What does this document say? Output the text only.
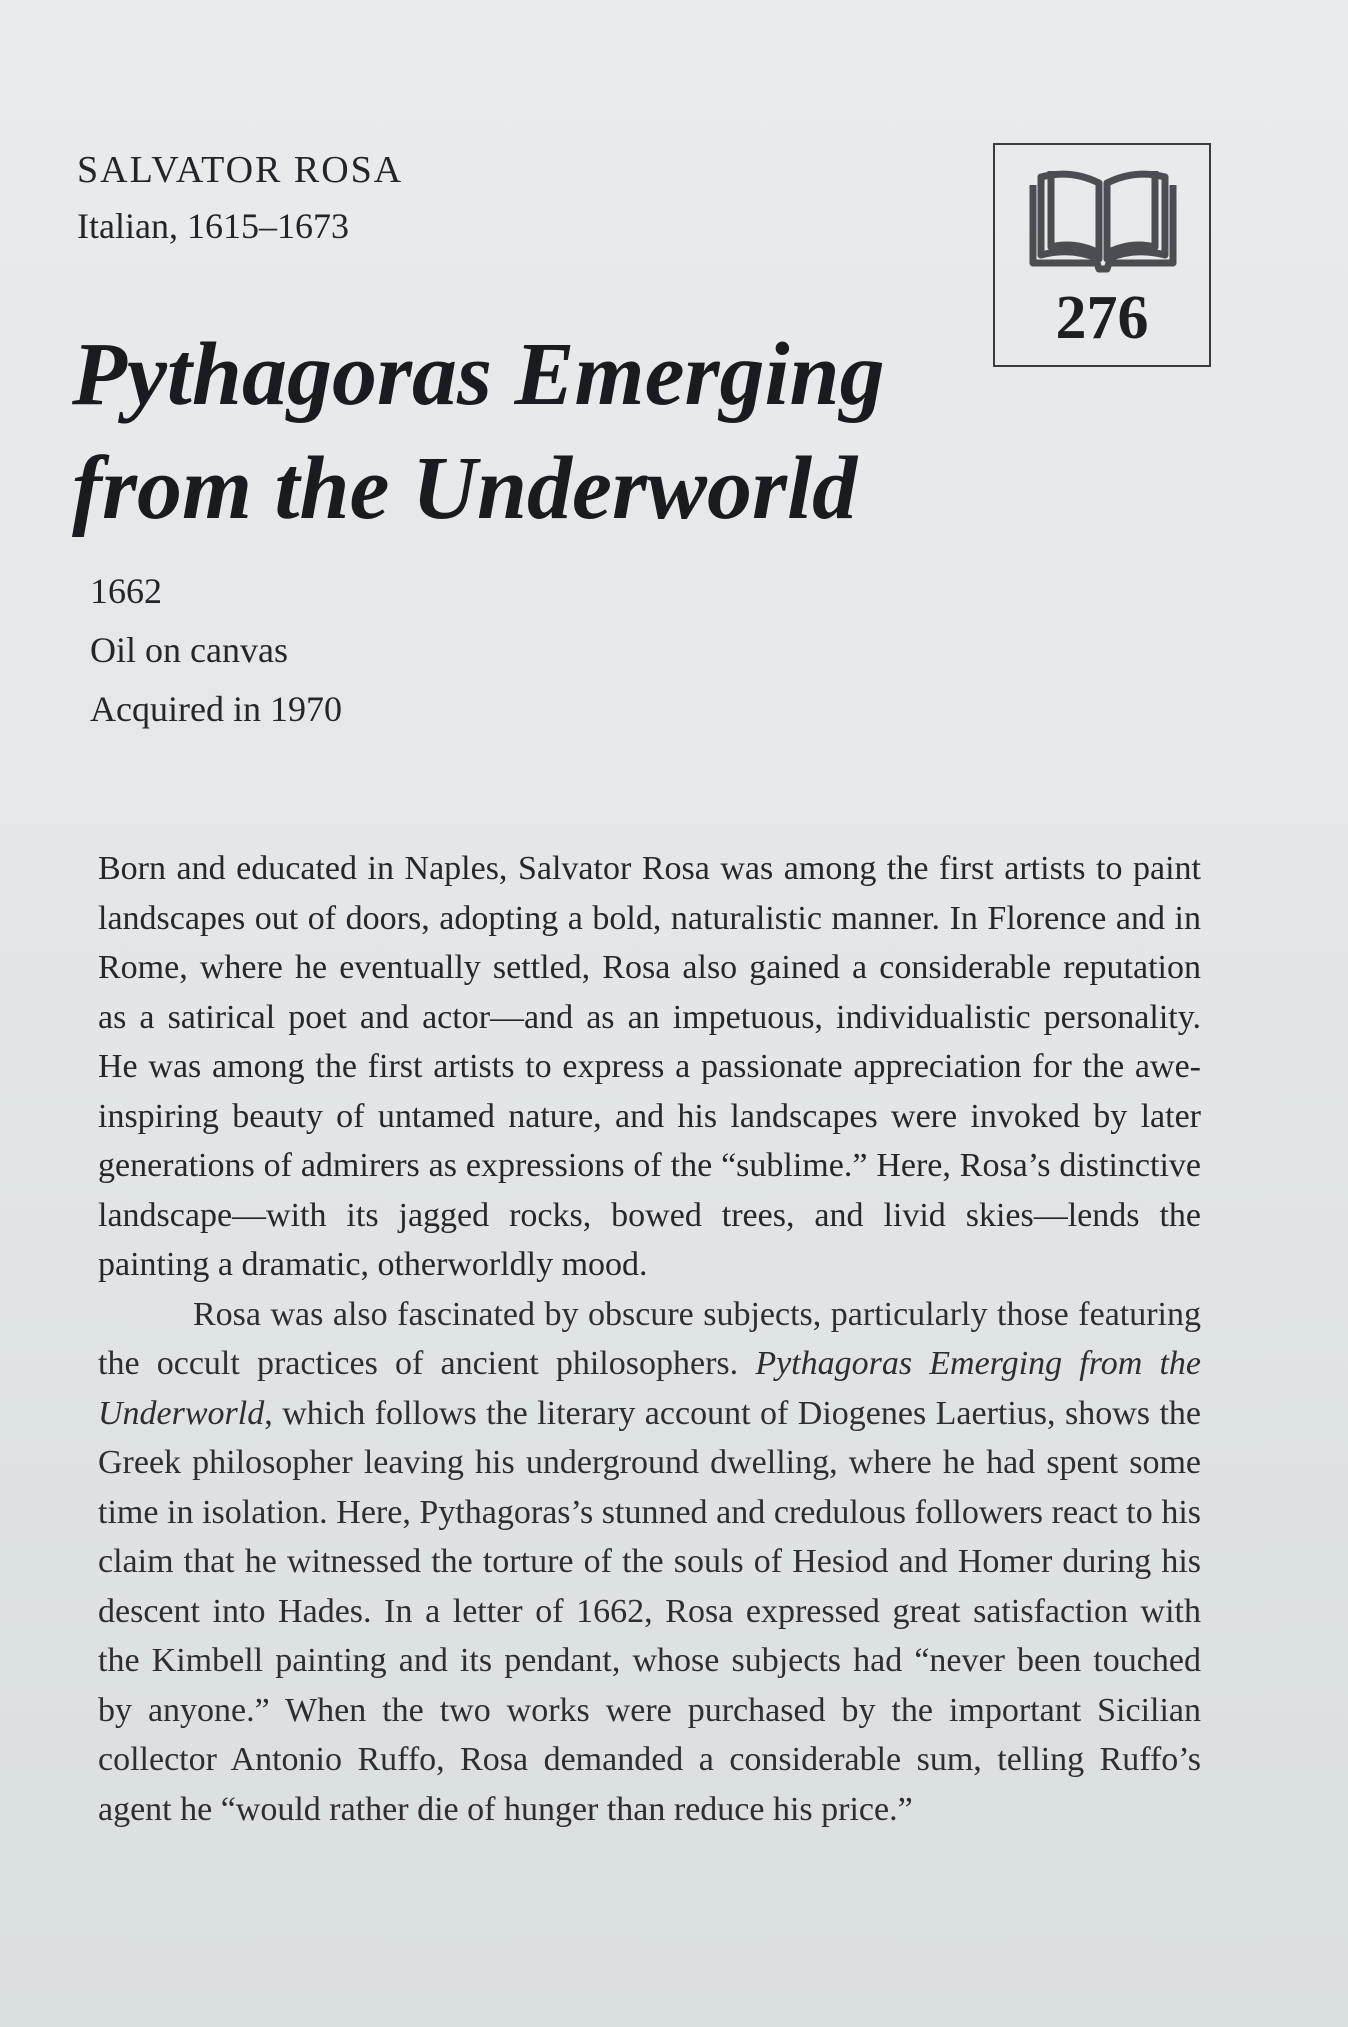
SALVATOR ROSA
Italian, 1615–1673
276
Pythagoras Emerging
from the Underworld
1662
Oil on canvas
Acquired in 1970

Born and educated in Naples, Salvator Rosa was among the first artists to paint landscapes out of doors, adopting a bold, naturalistic manner. In Florence and in Rome, where he eventually settled, Rosa also gained a considerable reputation as a satirical poet and actor—and as an impetuous, individualistic personality. He was among the first artists to express a passionate appreciation for the awe-inspiring beauty of untamed nature, and his landscapes were invoked by later generations of admirers as expressions of the “sublime.” Here, Rosa’s distinctive landscape—with its jagged rocks, bowed trees, and livid skies—lends the painting a dramatic, otherworldly mood.

Rosa was also fascinated by obscure subjects, particularly those featuring the occult practices of ancient philosophers. Pythagoras Emerging from the Underworld, which follows the literary account of Diogenes Laertius, shows the Greek philosopher leaving his underground dwelling, where he had spent some time in isolation. Here, Pythagoras’s stunned and credulous followers react to his claim that he witnessed the torture of the souls of Hesiod and Homer during his descent into Hades. In a letter of 1662, Rosa expressed great satisfaction with the Kimbell painting and its pendant, whose subjects had “never been touched by anyone.” When the two works were purchased by the important Sicilian collector Antonio Ruffo, Rosa demanded a considerable sum, telling Ruffo’s agent he “would rather die of hunger than reduce his price.”
